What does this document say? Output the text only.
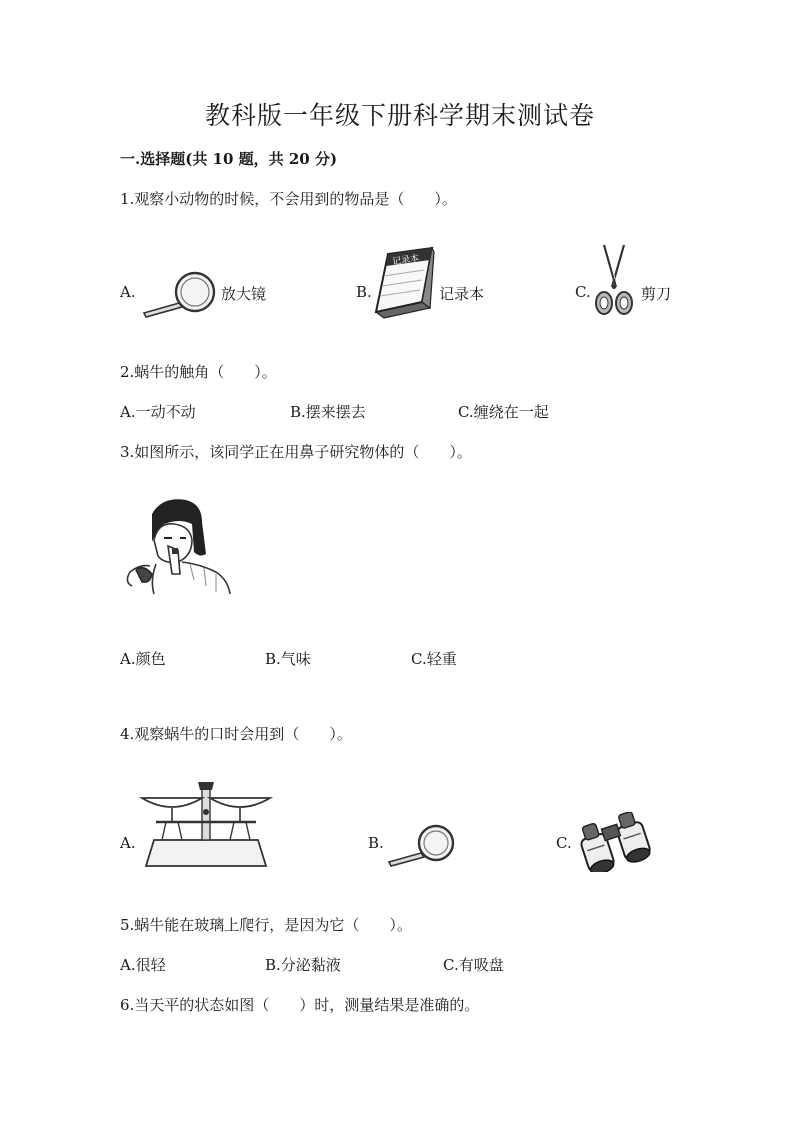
教科版一年级下册科学期末测试卷
一.选择题(共 10 题，共 20 分)
1.观察小动物的时候，不会用到的物品是（　　）。
A.	放大镜	B.
记录本
记录本	C.	剪刀
2.蜗牛的触角（　　）。
A.一动不动	B.摆来摆去	C.缠绕在一起
3.如图所示，该同学正在用鼻子研究物体的（　　）。
A.颜色	B.气味	C.轻重
4.观察蜗牛的口时会用到（　　）。
A.	B.	C.
5.蜗牛能在玻璃上爬行，是因为它（　　）。
A.很轻	B.分泌黏液	C.有吸盘
6.当天平的状态如图（　　）时，测量结果是准确的。
